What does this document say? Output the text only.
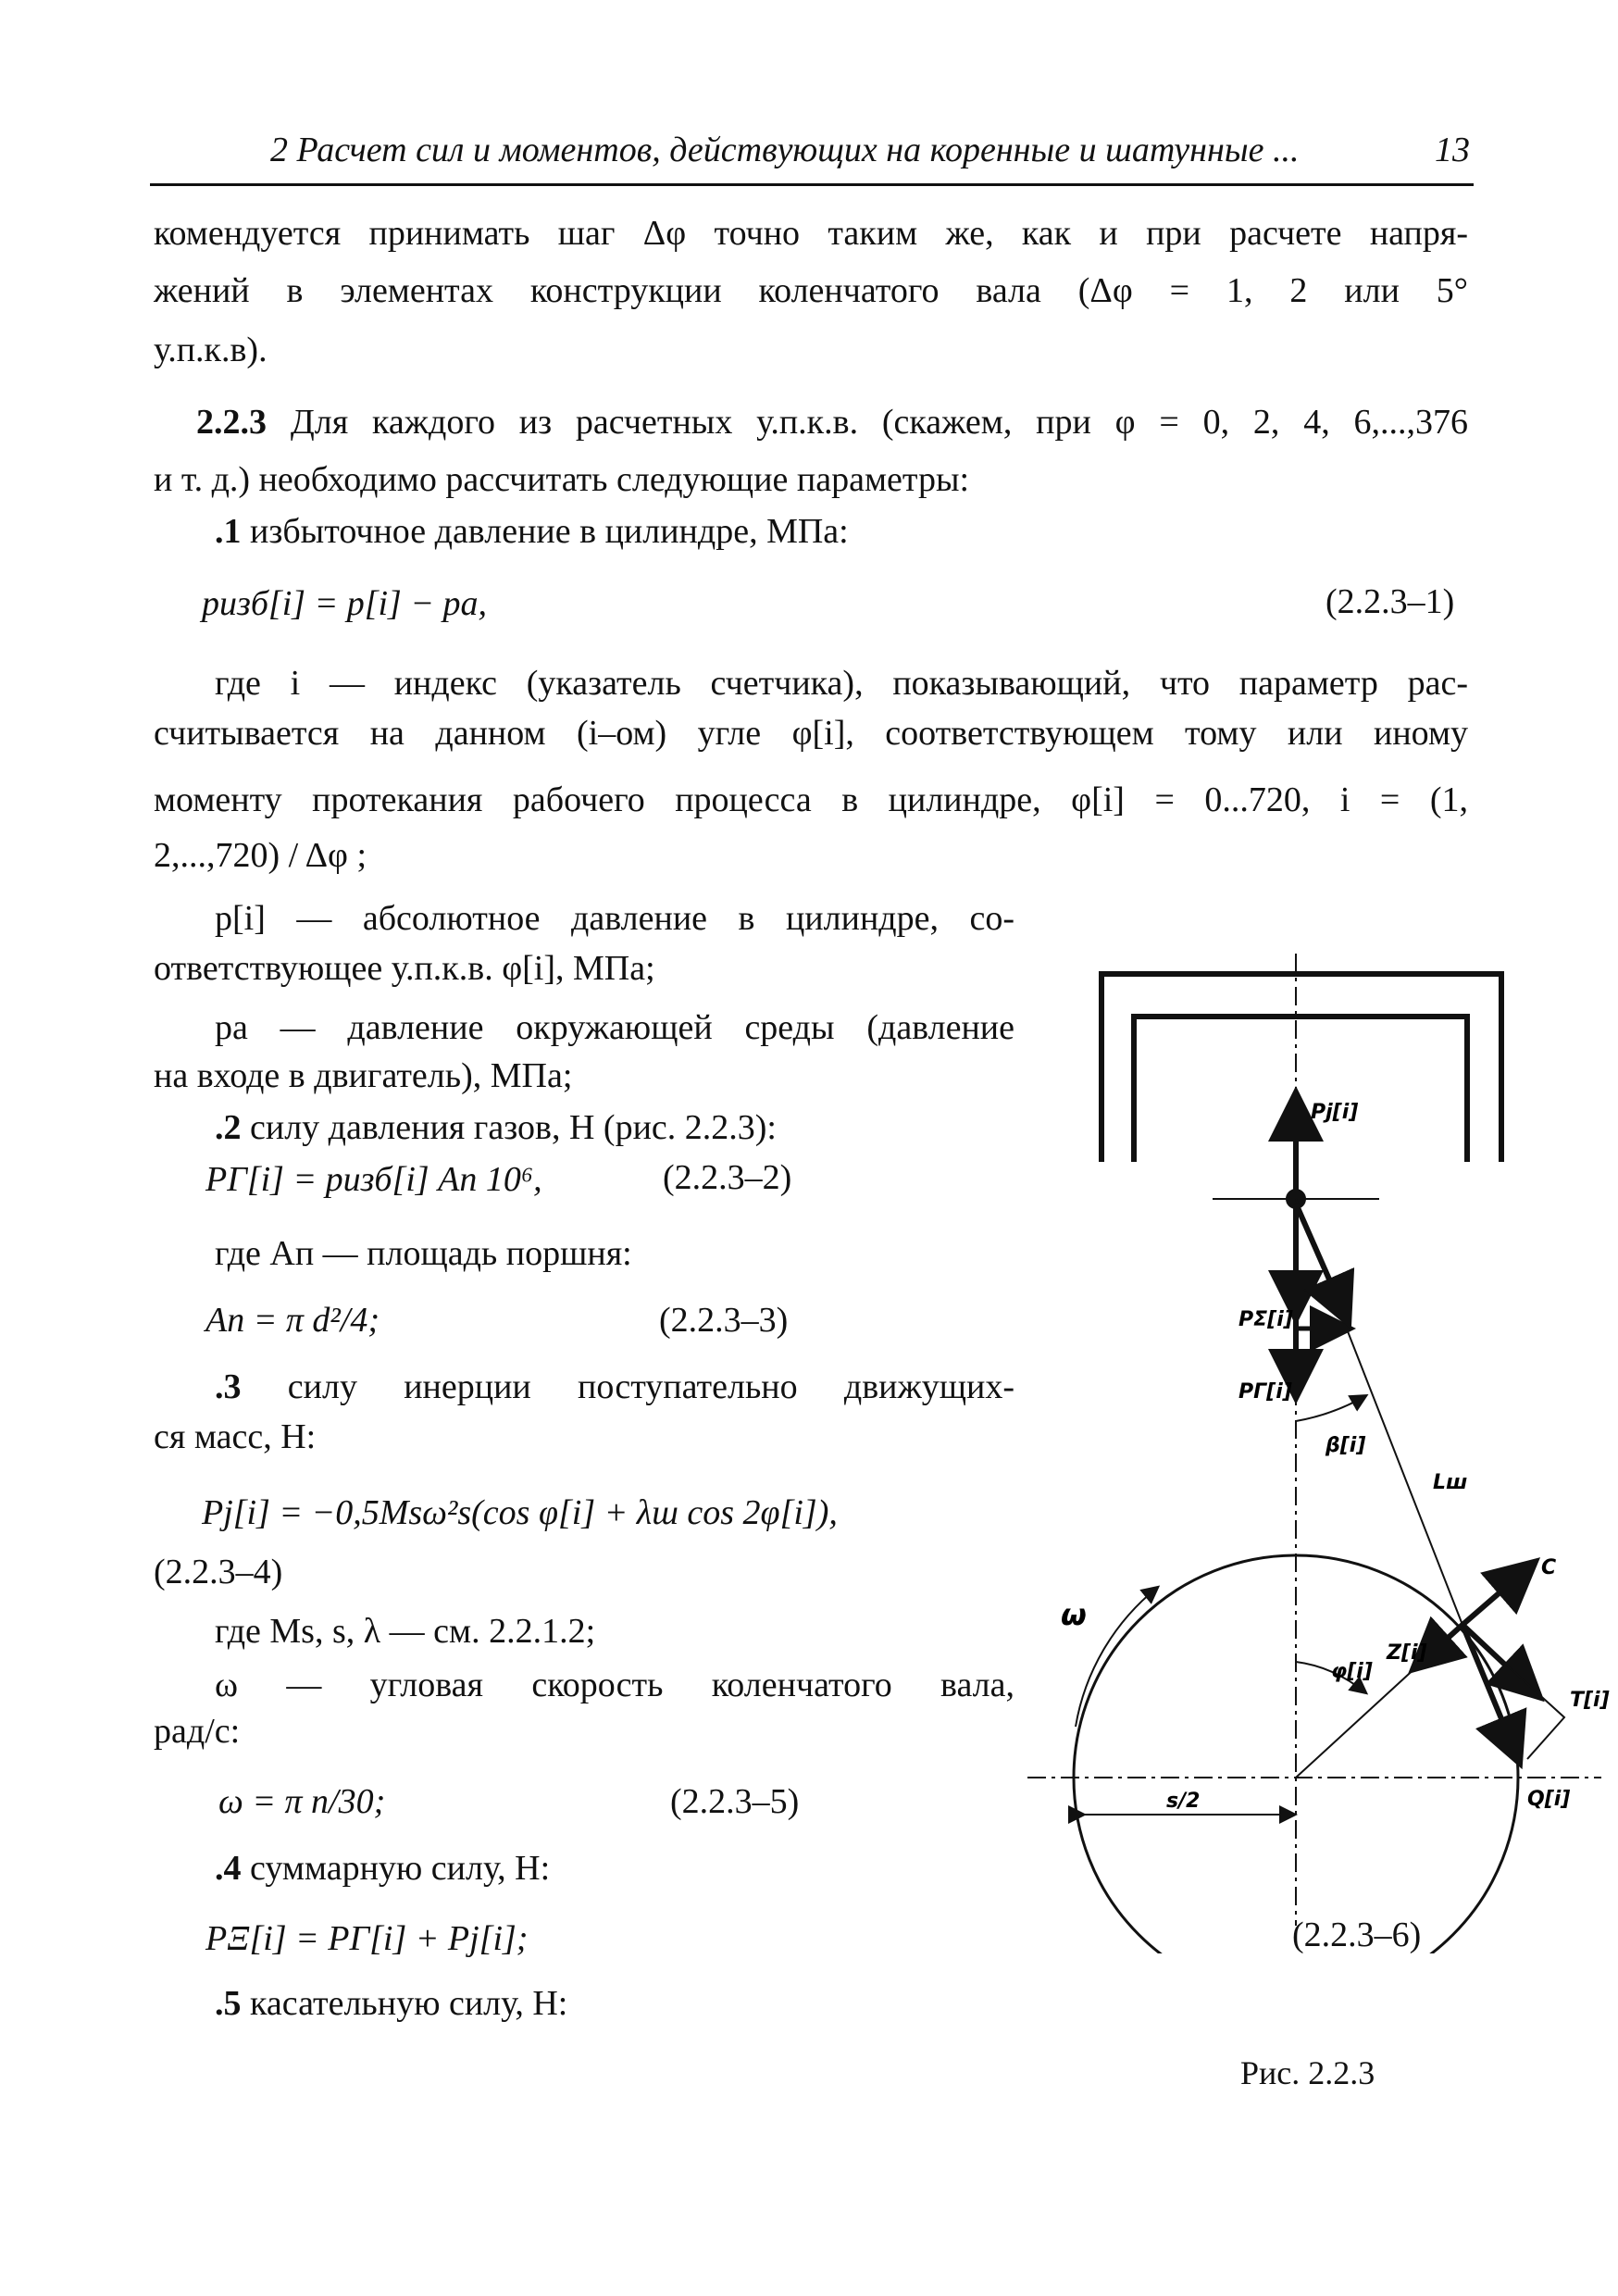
2 Расчет сил и моментов, действующих на коренные и шатунные ...	13
комендуется принимать шаг Δφ точно таким же, как и при расчете напря-
жений в элементах конструкции коленчатого вала (Δφ = 1, 2 или 5°
у.п.к.в).
2.2.3 Для каждого из расчетных у.п.к.в. (скажем, при φ = 0, 2, 4, 6,...,376
и т. д.) необходимо рассчитать следующие параметры:
.1 избыточное давление в цилиндре, МПа:
pизб[i] = p[i] − pa,	(2.2.3–1)
где i — индекс (указатель счетчика), показывающий, что параметр рас-
считывается на данном (i–ом) угле φ[i], соответствующем тому или иному
моменту протекания рабочего процесса в цилиндре, φ[i] = 0...720, i = (1,
2,...,720) / Δφ ;
p[i] — абсолютное давление в цилиндре, со-
ответствующее у.п.к.в. φ[i], МПа;
pa — давление окружающей среды (давление
на входе в двигатель), МПа;
.2 силу давления газов, Н (рис. 2.2.3):
PГ[i] = pизб[i] An 10⁶,	(2.2.3–2)
где Aп — площадь поршня:
Aп = π d²/4;	(2.2.3–3)
.3 силу инерции поступательно движущих-
ся масс, Н:
Pj[i] = −0,5Msω²s(cos φ[i] + λш cos 2φ[i]),
(2.2.3–4)
где Ms, s, λ — см. 2.2.1.2;
ω — угловая скорость коленчатого вала,
рад/с:
ω = π n/30;	(2.2.3–5)
.4 суммарную силу, Н:
PΞ[i] = PГ[i] + Pj[i];	(2.2.3–6)
.5 касательную силу, Н:
Pj[i]
PΣ[i]
PГ[i]
β[i]
Lш
C
ω
φ[i]
Z[i]
T[i]
Q[i]
s/2
Рис. 2.2.3
